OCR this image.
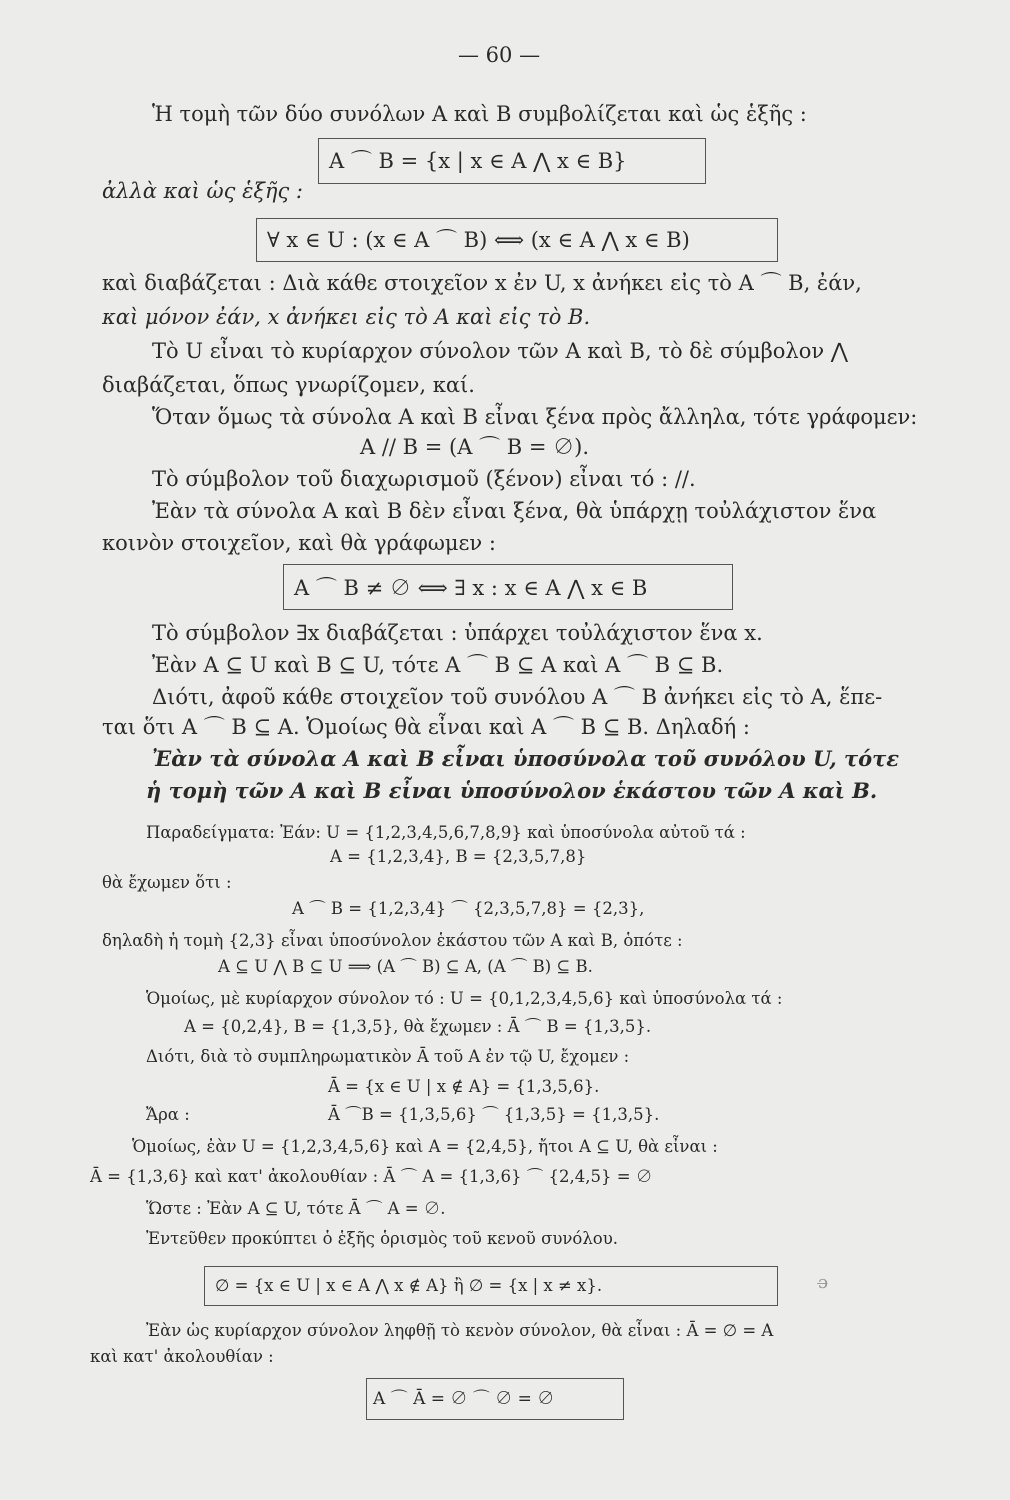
— 60 —
Ἡ τομὴ τῶν δύο συνόλων A καὶ B συμβολίζεται καὶ ὡς ἑξῆς :
A ⌒ B = {x | x ∈ A ⋀ x ∈ B}
ἀλλὰ καὶ ὡς ἑξῆς :
∀ x ∈ U : (x ∈ A ⌒ B) ⟺ (x ∈ A ⋀ x ∈ B)
καὶ διαβάζεται : Διὰ κάθε στοιχεῖον x ἐν U, x ἀνήκει εἰς τὸ A ⌒ B, ἐάν,
καὶ μόνον ἐάν, x ἀνήκει εἰς τὸ A καὶ εἰς τὸ B.
Τὸ U εἶναι τὸ κυρίαρχον σύνολον τῶν A καὶ B, τὸ δὲ σύμβολον ⋀
διαβάζεται, ὅπως γνωρίζομεν, καί.
Ὅταν ὅμως τὰ σύνολα A καὶ B εἶναι ξένα πρὸς ἄλληλα, τότε γράφομεν:
A // B = (A ⌒ B = ∅).
Τὸ σύμβολον τοῦ διαχωρισμοῦ (ξένον) εἶναι τό : //.
Ἐὰν τὰ σύνολα A καὶ B δὲν εἶναι ξένα, θὰ ὑπάρχῃ τοὐλάχιστον ἕνα
κοινὸν στοιχεῖον, καὶ θὰ γράφωμεν :
A ⌒ B ≠ ∅ ⟺ ∃ x : x ∈ A ⋀ x ∈ B
Τὸ σύμβολον ∃x διαβάζεται : ὑπάρχει τοὐλάχιστον ἕνα x.
Ἐὰν A ⊆ U καὶ B ⊆ U, τότε A ⌒ B ⊆ A καὶ A ⌒ B ⊆ B.
Διότι, ἀφοῦ κάθε στοιχεῖον τοῦ συνόλου A ⌒ B ἀνήκει εἰς τὸ A, ἕπε-
ται ὅτι A ⌒ B ⊆ A. Ὁμοίως θὰ εἶναι καὶ A ⌒ B ⊆ B. Δηλαδή :
Ἐὰν τὰ σύνολα A καὶ B εἶναι ὑποσύνολα τοῦ συνόλου U, τότε
ἡ τομὴ τῶν A καὶ B εἶναι ὑποσύνολον ἑκάστου τῶν A καὶ B.
Παραδείγματα: Ἐάν: U = {1,2,3,4,5,6,7,8,9} καὶ ὑποσύνολα αὐτοῦ τά :
A = {1,2,3,4}, B = {2,3,5,7,8}
θὰ ἔχωμεν ὅτι :
A ⌒ B = {1,2,3,4} ⌒ {2,3,5,7,8} = {2,3},
δηλαδὴ ἡ τομὴ {2,3} εἶναι ὑποσύνολον ἑκάστου τῶν A καὶ B, ὁπότε :
A ⊆ U ⋀ B ⊆ U ⟹ (A ⌒ B) ⊆ A, (A ⌒ B) ⊆ B.
Ὁμοίως, μὲ κυρίαρχον σύνολον τό : U = {0,1,2,3,4,5,6} καὶ ὑποσύνολα τά :
A = {0,2,4}, B = {1,3,5}, θὰ ἔχωμεν : Ā ⌒ B = {1,3,5}.
Διότι, διὰ τὸ συμπληρωματικὸν Ā τοῦ A ἐν τῷ U, ἔχομεν :
Ā = {x ∈ U | x ∉ A} = {1,3,5,6}.
Ἄρα :	Ā ⌒B = {1,3,5,6} ⌒ {1,3,5} = {1,3,5}.
Ὁμοίως, ἐὰν U = {1,2,3,4,5,6} καὶ A = {2,4,5}, ἤτοι A ⊆ U, θὰ εἶναι :
Ā = {1,3,6} καὶ κατ' ἀκολουθίαν : Ā ⌒ A = {1,3,6} ⌒ {2,4,5} = ∅
Ὥστε : Ἐὰν A ⊆ U, τότε Ā ⌒ A = ∅.
Ἐντεῦθεν προκύπτει ὁ ἑξῆς ὁρισμὸς τοῦ κενοῦ συνόλου.
∅ = {x ∈ U | x ∈ A ⋀ x ∉ A} ἢ ∅ = {x | x ≠ x}.	ɔ̶
Ἐὰν ὡς κυρίαρχον σύνολον ληφθῇ τὸ κενὸν σύνολον, θὰ εἶναι : Ā = ∅ = A
καὶ κατ' ἀκολουθίαν :
A ⌒ Ā = ∅ ⌒ ∅ = ∅
